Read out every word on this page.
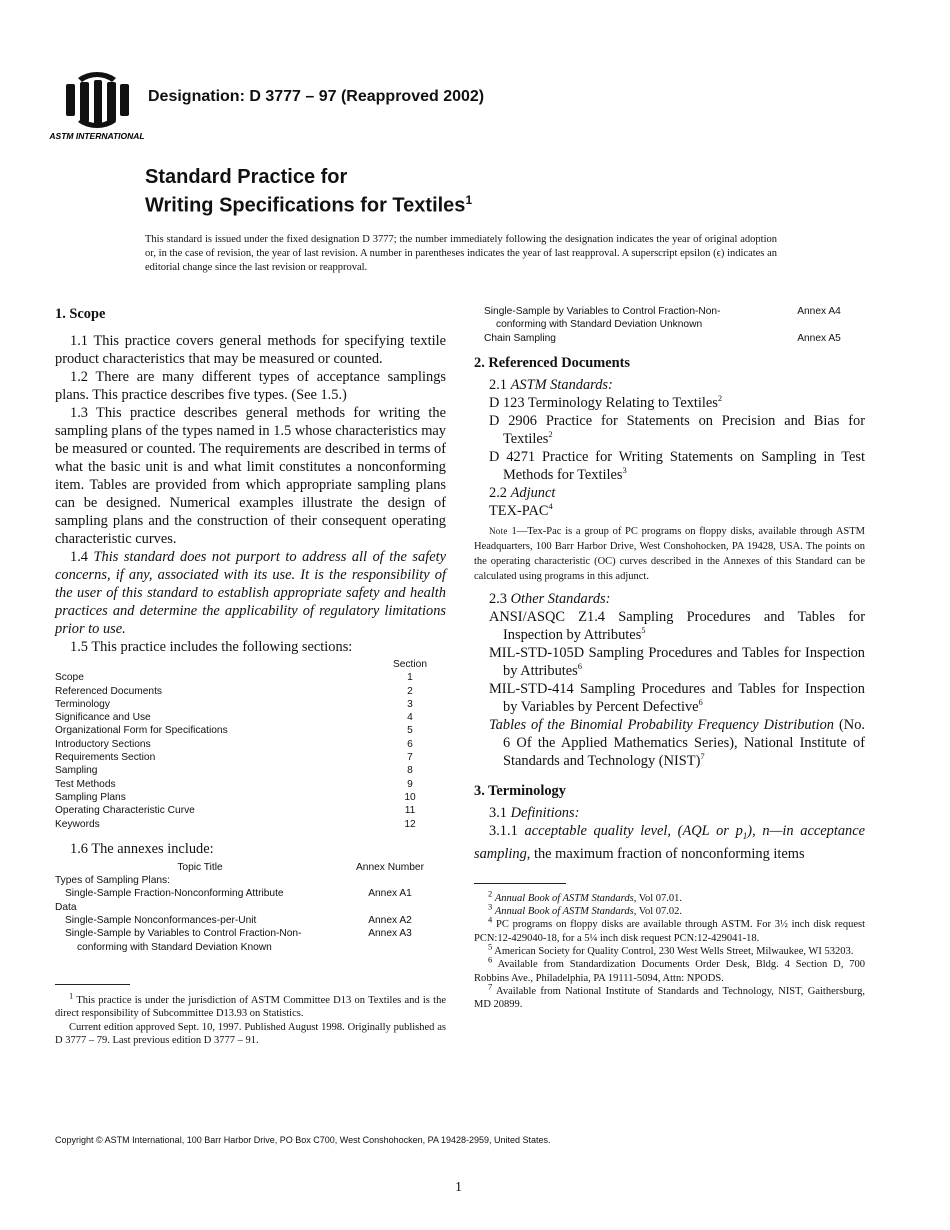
ASTM INTERNATIONAL
Designation: D 3777 – 97 (Reapproved 2002)
Standard Practice for
Writing Specifications for Textiles$^1$
This standard is issued under the fixed designation D 3777; the number immediately following the designation indicates the year of original adoption or, in the case of revision, the year of last revision. A number in parentheses indicates the year of last reapproval. A superscript epsilon (ϵ) indicates an editorial change since the last revision or reapproval.
1. Scope

1.1 This practice covers general methods for specifying textile product characteristics that may be measured or counted.

1.2 There are many different types of acceptance samplings plans. This practice describes five types. (See 1.5.)

1.3 This practice describes general methods for writing the sampling plans of the types named in 1.5 whose characteristics may be measured or counted. The requirements are described in terms of what the basic unit is and what limit constitutes a nonconforming item. Tables are provided from which appropriate sampling plans can be designed. Numerical examples illustrate the design of sampling plans and the construction of their consequent operating characteristic curves.

1.4 This standard does not purport to address all of the safety concerns, if any, associated with its use. It is the responsibility of the user of this standard to establish appropriate safety and health practices and determine the applicability of regulatory limitations prior to use.

1.5 This practice includes the following sections:

Section
Scope	1
Referenced Documents	2
Terminology	3
Significance and Use	4
Organizational Form for Specifications	5
Introductory Sections	6
Requirements Section	7
Sampling	8
Test Methods	9
Sampling Plans	10
Operating Characteristic Curve	11
Keywords	12

1.6 The annexes include:

Topic Title	Annex Number
Types of Sampling Plans:
Single-Sample Fraction-Nonconforming Attribute	Annex A1
Data
Single-Sample Nonconformances-per-Unit	Annex A2
Single-Sample by Variables to Control Fraction-Non-	Annex A3
conforming with Standard Deviation Known

$^1$ This practice is under the jurisdiction of ASTM Committee D13 on Textiles and is the direct responsibility of Subcommittee D13.93 on Statistics.

Current edition approved Sept. 10, 1997. Published August 1998. Originally published as D 3777 – 79. Last previous edition D 3777 – 91.

Single-Sample by Variables to Control Fraction-Non-	Annex A4
conforming with Standard Deviation Unknown
Chain Sampling	Annex A5
2. Referenced Documents

2.1 ASTM Standards:

D 123 Terminology Relating to Textiles$^2$

D 2906 Practice for Statements on Precision and Bias for Textiles$^2$

D 4271 Practice for Writing Statements on Sampling in Test Methods for Textiles$^3$

2.2 Adjunct

TEX-PAC$^4$

Note 1—Tex-Pac is a group of PC programs on floppy disks, available through ASTM Headquarters, 100 Barr Harbor Drive, West Conshohocken, PA 19428, USA. The points on the operating characteristic (OC) curves described in the Annexes of this Standard can be calculated using programs in this adjunct.

2.3 Other Standards:

ANSI/ASQC Z1.4 Sampling Procedures and Tables for Inspection by Attributes$^5$

MIL-STD-105D Sampling Procedures and Tables for Inspection by Attributes$^6$

MIL-STD-414 Sampling Procedures and Tables for Inspection by Variables by Percent Defective$^6$

Tables of the Binomial Probability Frequency Distribution (No. 6 Of the Applied Mathematics Series), National Institute of Standards and Technology (NIST)$^7$

3. Terminology

3.1 Definitions:

3.1.1 acceptable quality level, (AQL or $p_1$), n—in acceptance sampling, the maximum fraction of nonconforming items

$^2$ Annual Book of ASTM Standards, Vol 07.01.

$^3$ Annual Book of ASTM Standards, Vol 07.02.

$^4$ PC programs on floppy disks are available through ASTM. For 3½ inch disk request PCN:12-429040-18, for a 5¼ inch disk request PCN:12-429041-18.

$^5$ American Society for Quality Control, 230 West Wells Street, Milwaukee, WI 53203.

$^6$ Available from Standardization Documents Order Desk, Bldg. 4 Section D, 700 Robbins Ave., Philadelphia, PA 19111-5094, Attn: NPODS.

$^7$ Available from National Institute of Standards and Technology, NIST, Gaithersburg, MD 20899.

Copyright © ASTM International, 100 Barr Harbor Drive, PO Box C700, West Conshohocken, PA 19428-2959, United States.
1
